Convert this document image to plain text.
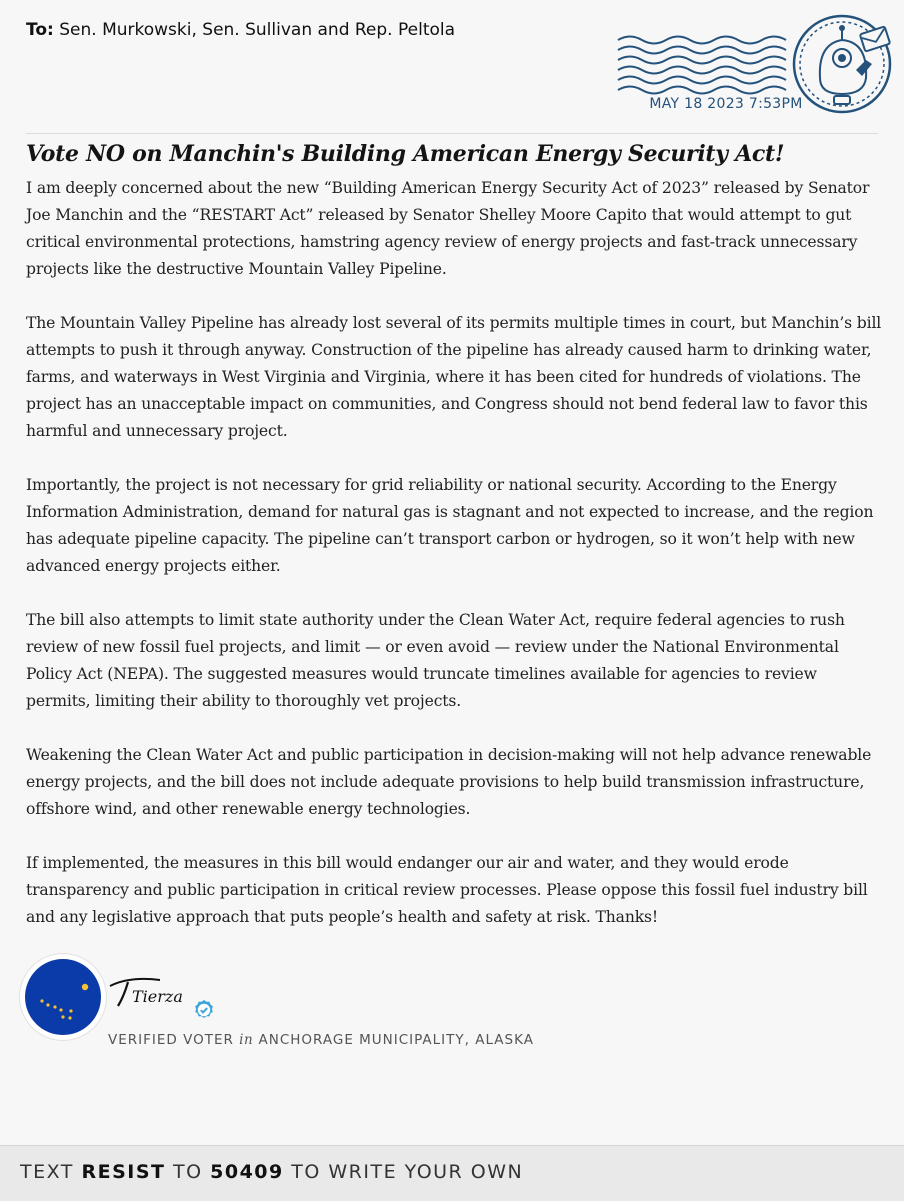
To: Sen. Murkowski, Sen. Sullivan and Rep. Peltola
MAY 18 2023 7:53PM
Vote NO on Manchin's Building American Energy Security Act!

I am deeply concerned about the new “Building American Energy Security Act of 2023” released by Senator Joe Manchin and the “RESTART Act” released by Senator Shelley Moore Capito that would attempt to gut critical environmental protections, hamstring agency review of energy projects and fast-track unnecessary projects like the destructive Mountain Valley Pipeline.

The Mountain Valley Pipeline has already lost several of its permits multiple times in court, but Manchin’s bill attempts to push it through anyway. Construction of the pipeline has already caused harm to drinking water, farms, and waterways in West Virginia and Virginia, where it has been cited for hundreds of violations. The project has an unacceptable impact on communities, and Congress should not bend federal law to favor this harmful and unnecessary project.

Importantly, the project is not necessary for grid reliability or national security. According to the Energy Information Administration, demand for natural gas is stagnant and not expected to increase, and the region has adequate pipeline capacity. The pipeline can’t transport carbon or hydrogen, so it won’t help with new advanced energy projects either.

The bill also attempts to limit state authority under the Clean Water Act, require federal agencies to rush review of new fossil fuel projects, and limit — or even avoid — review under the National Environmental Policy Act (NEPA). The suggested measures would truncate timelines available for agencies to review permits, limiting their ability to thoroughly vet projects.

Weakening the Clean Water Act and public participation in decision-making will not help advance renewable energy projects, and the bill does not include adequate provisions to help build transmission infrastructure, offshore wind, and other renewable energy technologies.

If implemented, the measures in this bill would endanger our air and water, and they would erode transparency and public participation in critical review processes. Please oppose this fossil fuel industry bill and any legislative approach that puts people’s health and safety at risk. Thanks!

Tierza
VERIFIED VOTER in ANCHORAGE MUNICIPALITY, ALASKA
TEXT RESIST TO 50409 TO WRITE YOUR OWN
